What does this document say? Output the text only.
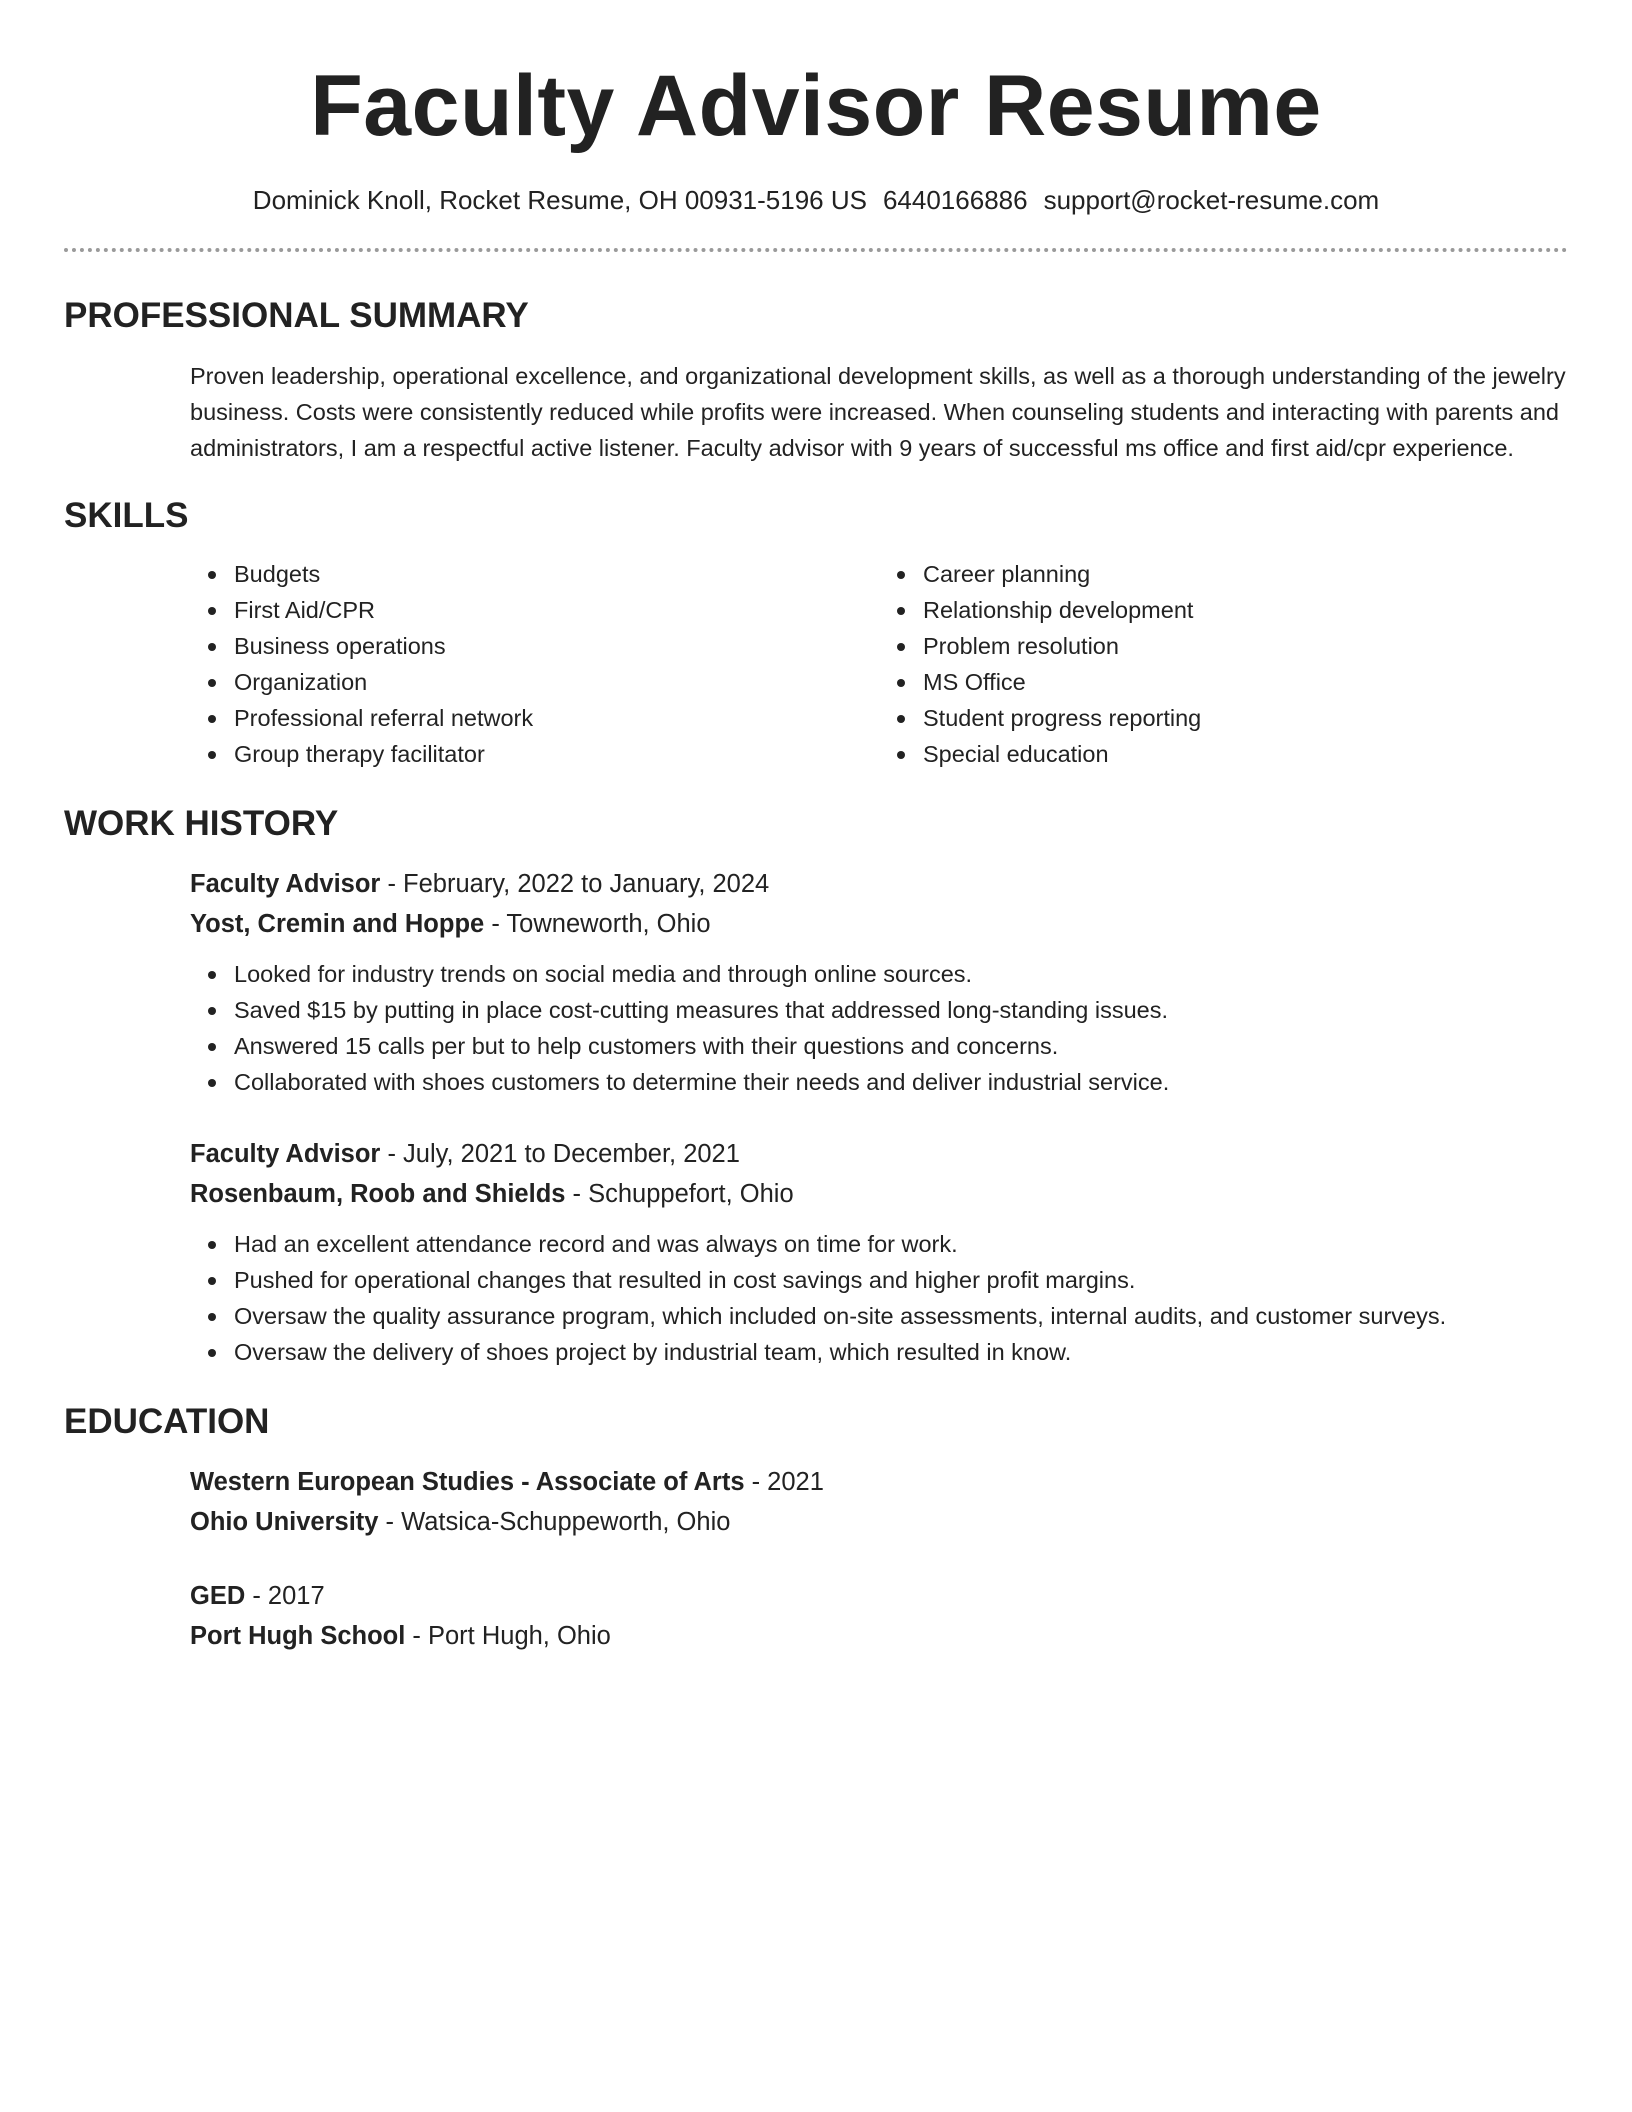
Faculty Advisor Resume
Dominick Knoll, Rocket Resume, OH 00931-5196 US 6440166886 support@rocket-resume.com
PROFESSIONAL SUMMARY

Proven leadership, operational excellence, and organizational development skills, as well as a thorough understanding of the jewelry business. Costs were consistently reduced while profits were increased. When counseling students and interacting with parents and administrators, I am a respectful active listener. Faculty advisor with 9 years of successful ms office and first aid/cpr experience.

SKILLS
Budgets
First Aid/CPR
Business operations
Organization
Professional referral network
Group therapy facilitator
Career planning
Relationship development
Problem resolution
MS Office
Student progress reporting
Special education
WORK HISTORY
Faculty Advisor - February, 2022 to January, 2024
Yost, Cremin and Hoppe - Towneworth, Ohio
Looked for industry trends on social media and through online sources.
Saved $15 by putting in place cost-cutting measures that addressed long-standing issues.
Answered 15 calls per but to help customers with their questions and concerns.
Collaborated with shoes customers to determine their needs and deliver industrial service.
Faculty Advisor - July, 2021 to December, 2021
Rosenbaum, Roob and Shields - Schuppefort, Ohio
Had an excellent attendance record and was always on time for work.
Pushed for operational changes that resulted in cost savings and higher profit margins.
Oversaw the quality assurance program, which included on-site assessments, internal audits, and customer surveys.
Oversaw the delivery of shoes project by industrial team, which resulted in know.
EDUCATION
Western European Studies - Associate of Arts - 2021
Ohio University - Watsica-Schuppeworth, Ohio
GED - 2017
Port Hugh School - Port Hugh, Ohio
